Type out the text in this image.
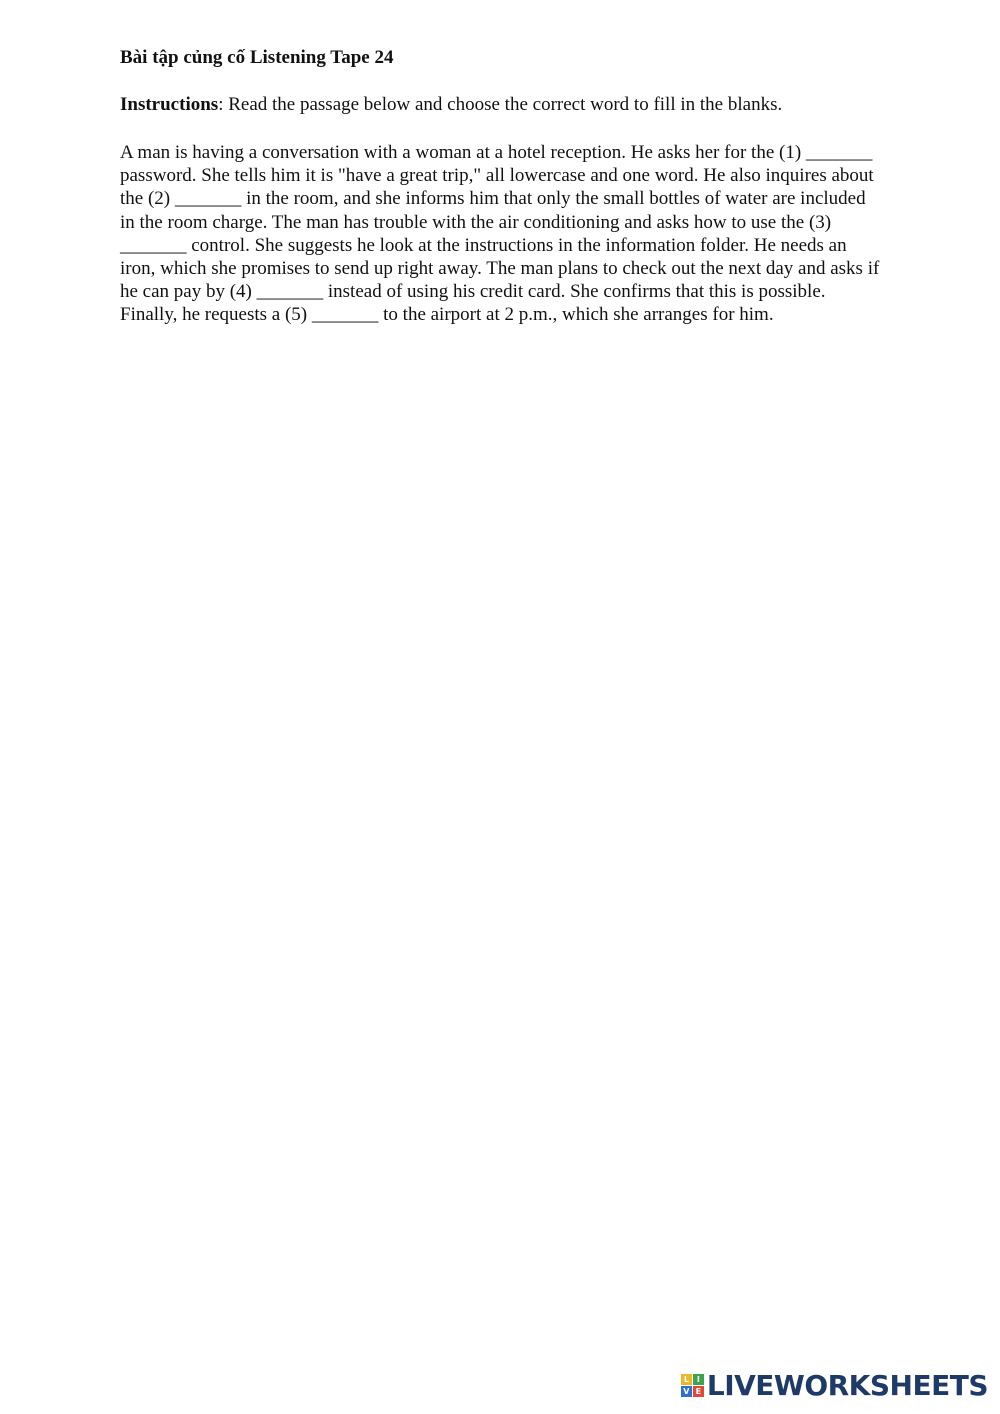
Bài tập củng cố Listening Tape 24
Instructions: Read the passage below and choose the correct word to fill in the blanks.
A man is having a conversation with a woman at a hotel reception. He asks her for the (1) _______
password. She tells him it is "have a great trip," all lowercase and one word. He also inquires about
the (2) _______ in the room, and she informs him that only the small bottles of water are included
in the room charge. The man has trouble with the air conditioning and asks how to use the (3)
_______ control. She suggests he look at the instructions in the information folder. He needs an
iron, which she promises to send up right away. The man plans to check out the next day and asks if
he can pay by (4) _______ instead of using his credit card. She confirms that this is possible.
Finally, he requests a (5) _______ to the airport at 2 p.m., which she arranges for him.
L I
V E LIVEWORKSHEETS
